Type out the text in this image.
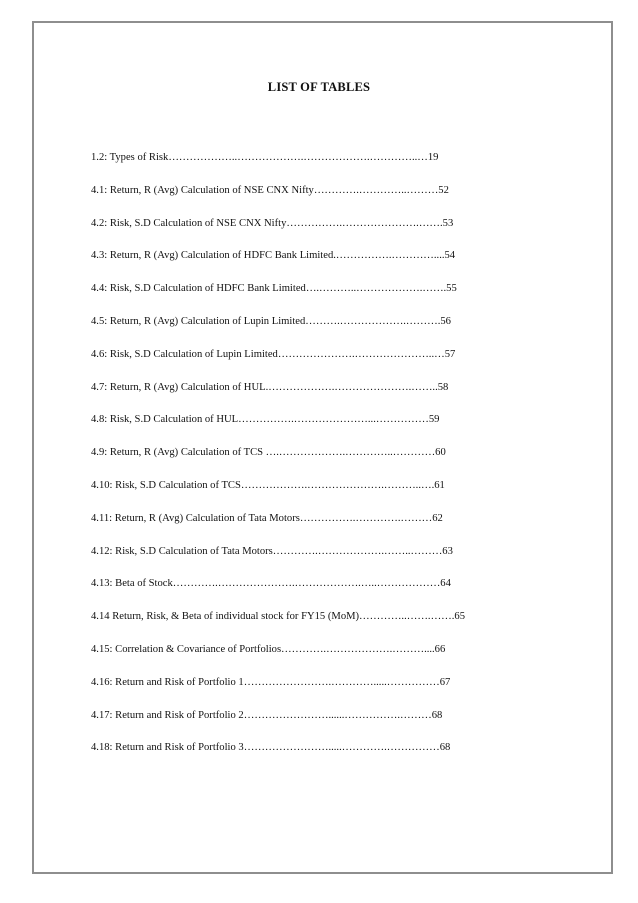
LIST OF TABLES
1.2: Types of Risk………………..……………….……………….…………..…19
4.1: Return, R (Avg) Calculation of NSE CNX Nifty………….…………..………52
4.2: Risk, S.D Calculation of NSE CNX Nifty…………….………………….…….53
4.3: Return, R (Avg) Calculation of HDFC Bank Limited.…………….…………....54
4.4: Risk, S.D Calculation of HDFC Bank Limited….………..……………….…….55
4.5: Return, R (Avg) Calculation of Lupin Limited……….……………….……….56
4.6: Risk, S.D Calculation of Lupin Limited………………….…………………..…57
4.7: Return, R (Avg) Calculation of HUL.……………….………………….……..58
4.8: Risk, S.D Calculation of HUL…………….…………………...……………59
4.9: Return, R (Avg) Calculation of TCS ….……………….…………..…………60
4.10: Risk, S.D Calculation of TCS……………….………………….………..….61
4.11: Return, R (Avg) Calculation of Tata Motors…………….………….………62
4.12: Risk, S.D Calculation of Tata Motors………….……………….……..………63
4.13: Beta of Stock………….………………….……………….…..………………64
4.14 Return, Risk, & Beta of individual stock for FY15 (MoM)…………..…….…….65
4.15: Correlation & Covariance of Portfolios………….……………….………....66
4.16: Return and Risk of Portfolio 1…………………….………….....……………67
4.17: Return and Risk of Portfolio 2……………………......…………….………68
4.18: Return and Risk of Portfolio 3…………………….....………….……………68
